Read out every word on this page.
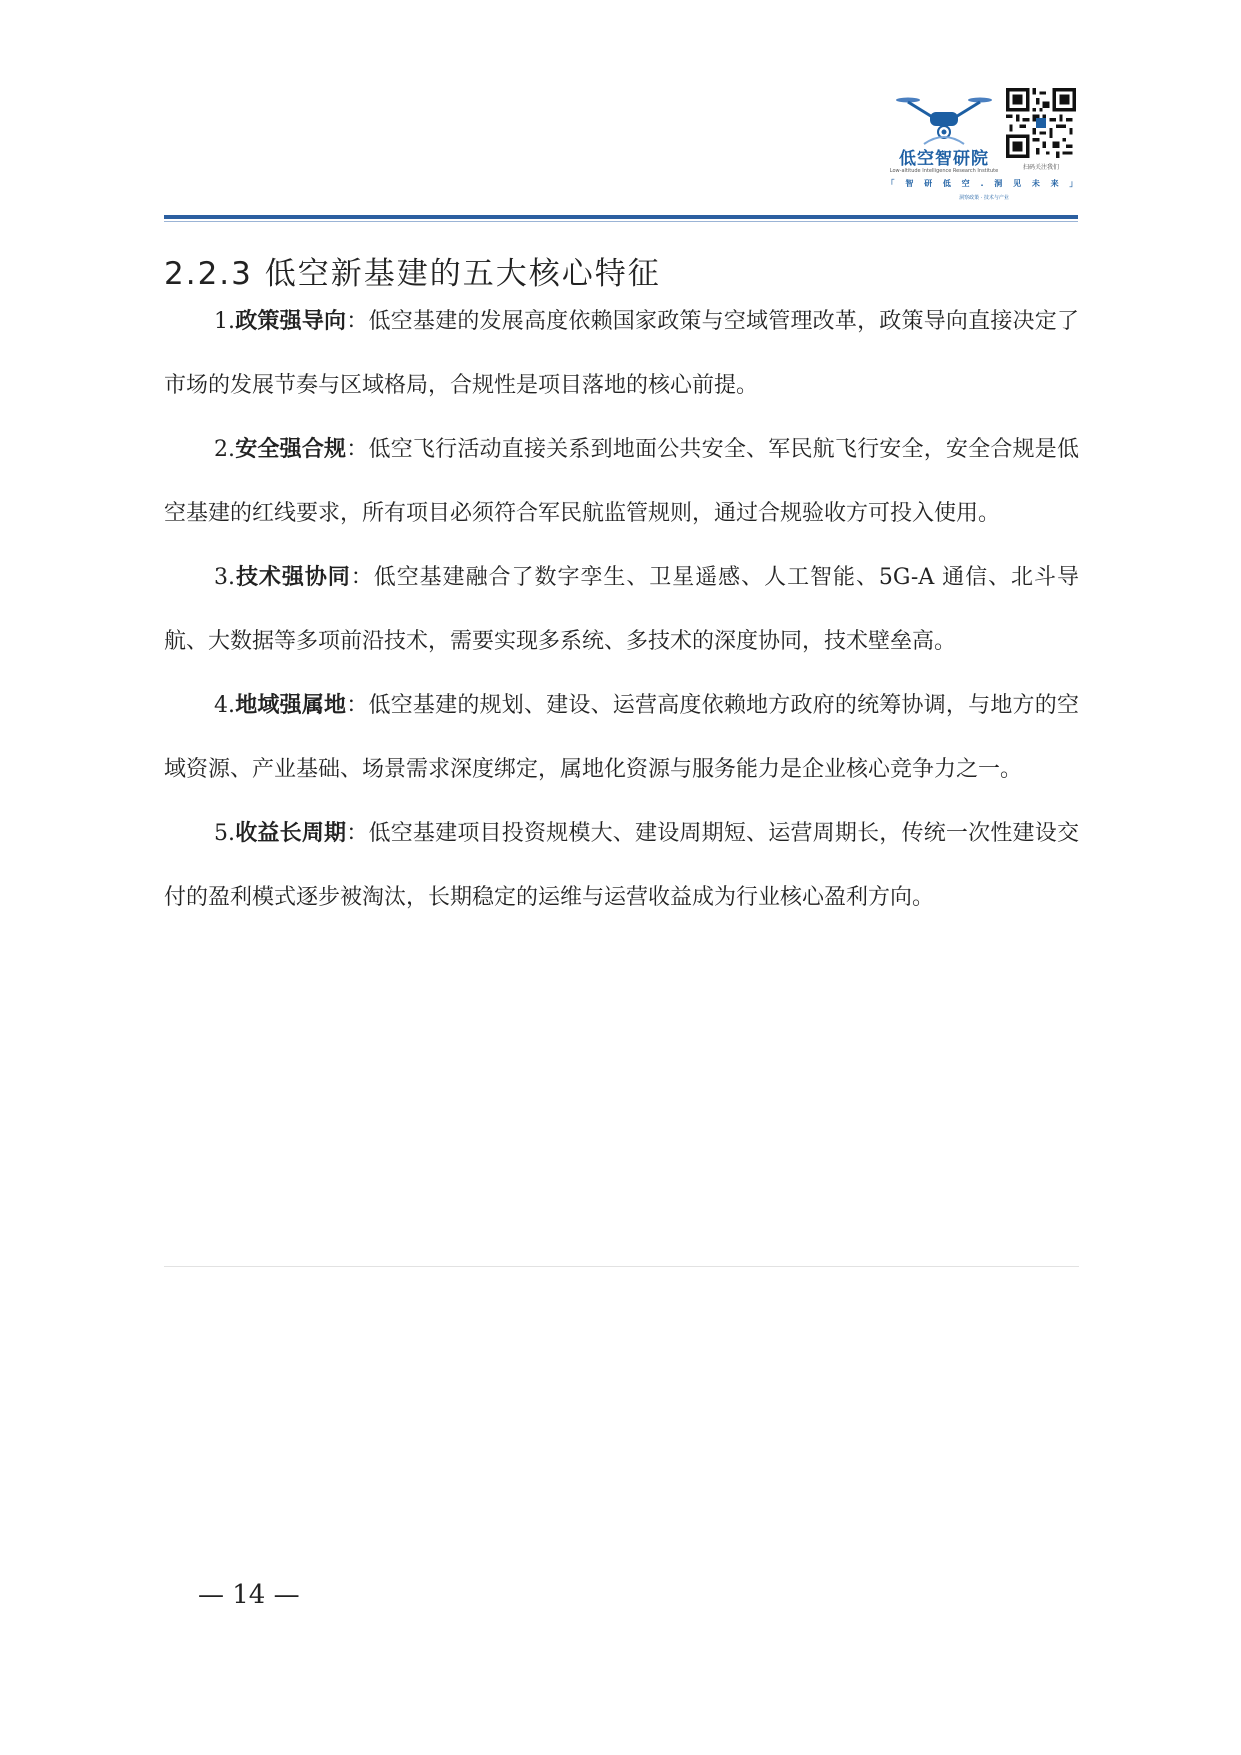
低空智研院
Low-altitude Intelligence Research Institute	扫码关注我们
「 智 研 低 空 . 洞 见 未 来 」
洞察政策 · 技术与产业
2.2.3 低空新基建的五大核心特征

1.政策强导向：低空基建的发展高度依赖国家政策与空域管理改革，政策导向直接决定了市场的发展节奏与区域格局，合规性是项目落地的核心前提。

2.安全强合规：低空飞行活动直接关系到地面公共安全、军民航飞行安全，安全合规是低空基建的红线要求，所有项目必须符合军民航监管规则，通过合规验收方可投入使用。

3.技术强协同：低空基建融合了数字孪生、卫星遥感、人工智能、5G-A 通信、北斗导航、大数据等多项前沿技术，需要实现多系统、多技术的深度协同，技术壁垒高。

4.地域强属地：低空基建的规划、建设、运营高度依赖地方政府的统筹协调，与地方的空域资源、产业基础、场景需求深度绑定，属地化资源与服务能力是企业核心竞争力之一。

5.收益长周期：低空基建项目投资规模大、建设周期短、运营周期长，传统一次性建设交付的盈利模式逐步被淘汰，长期稳定的运维与运营收益成为行业核心盈利方向。

— 14 —
